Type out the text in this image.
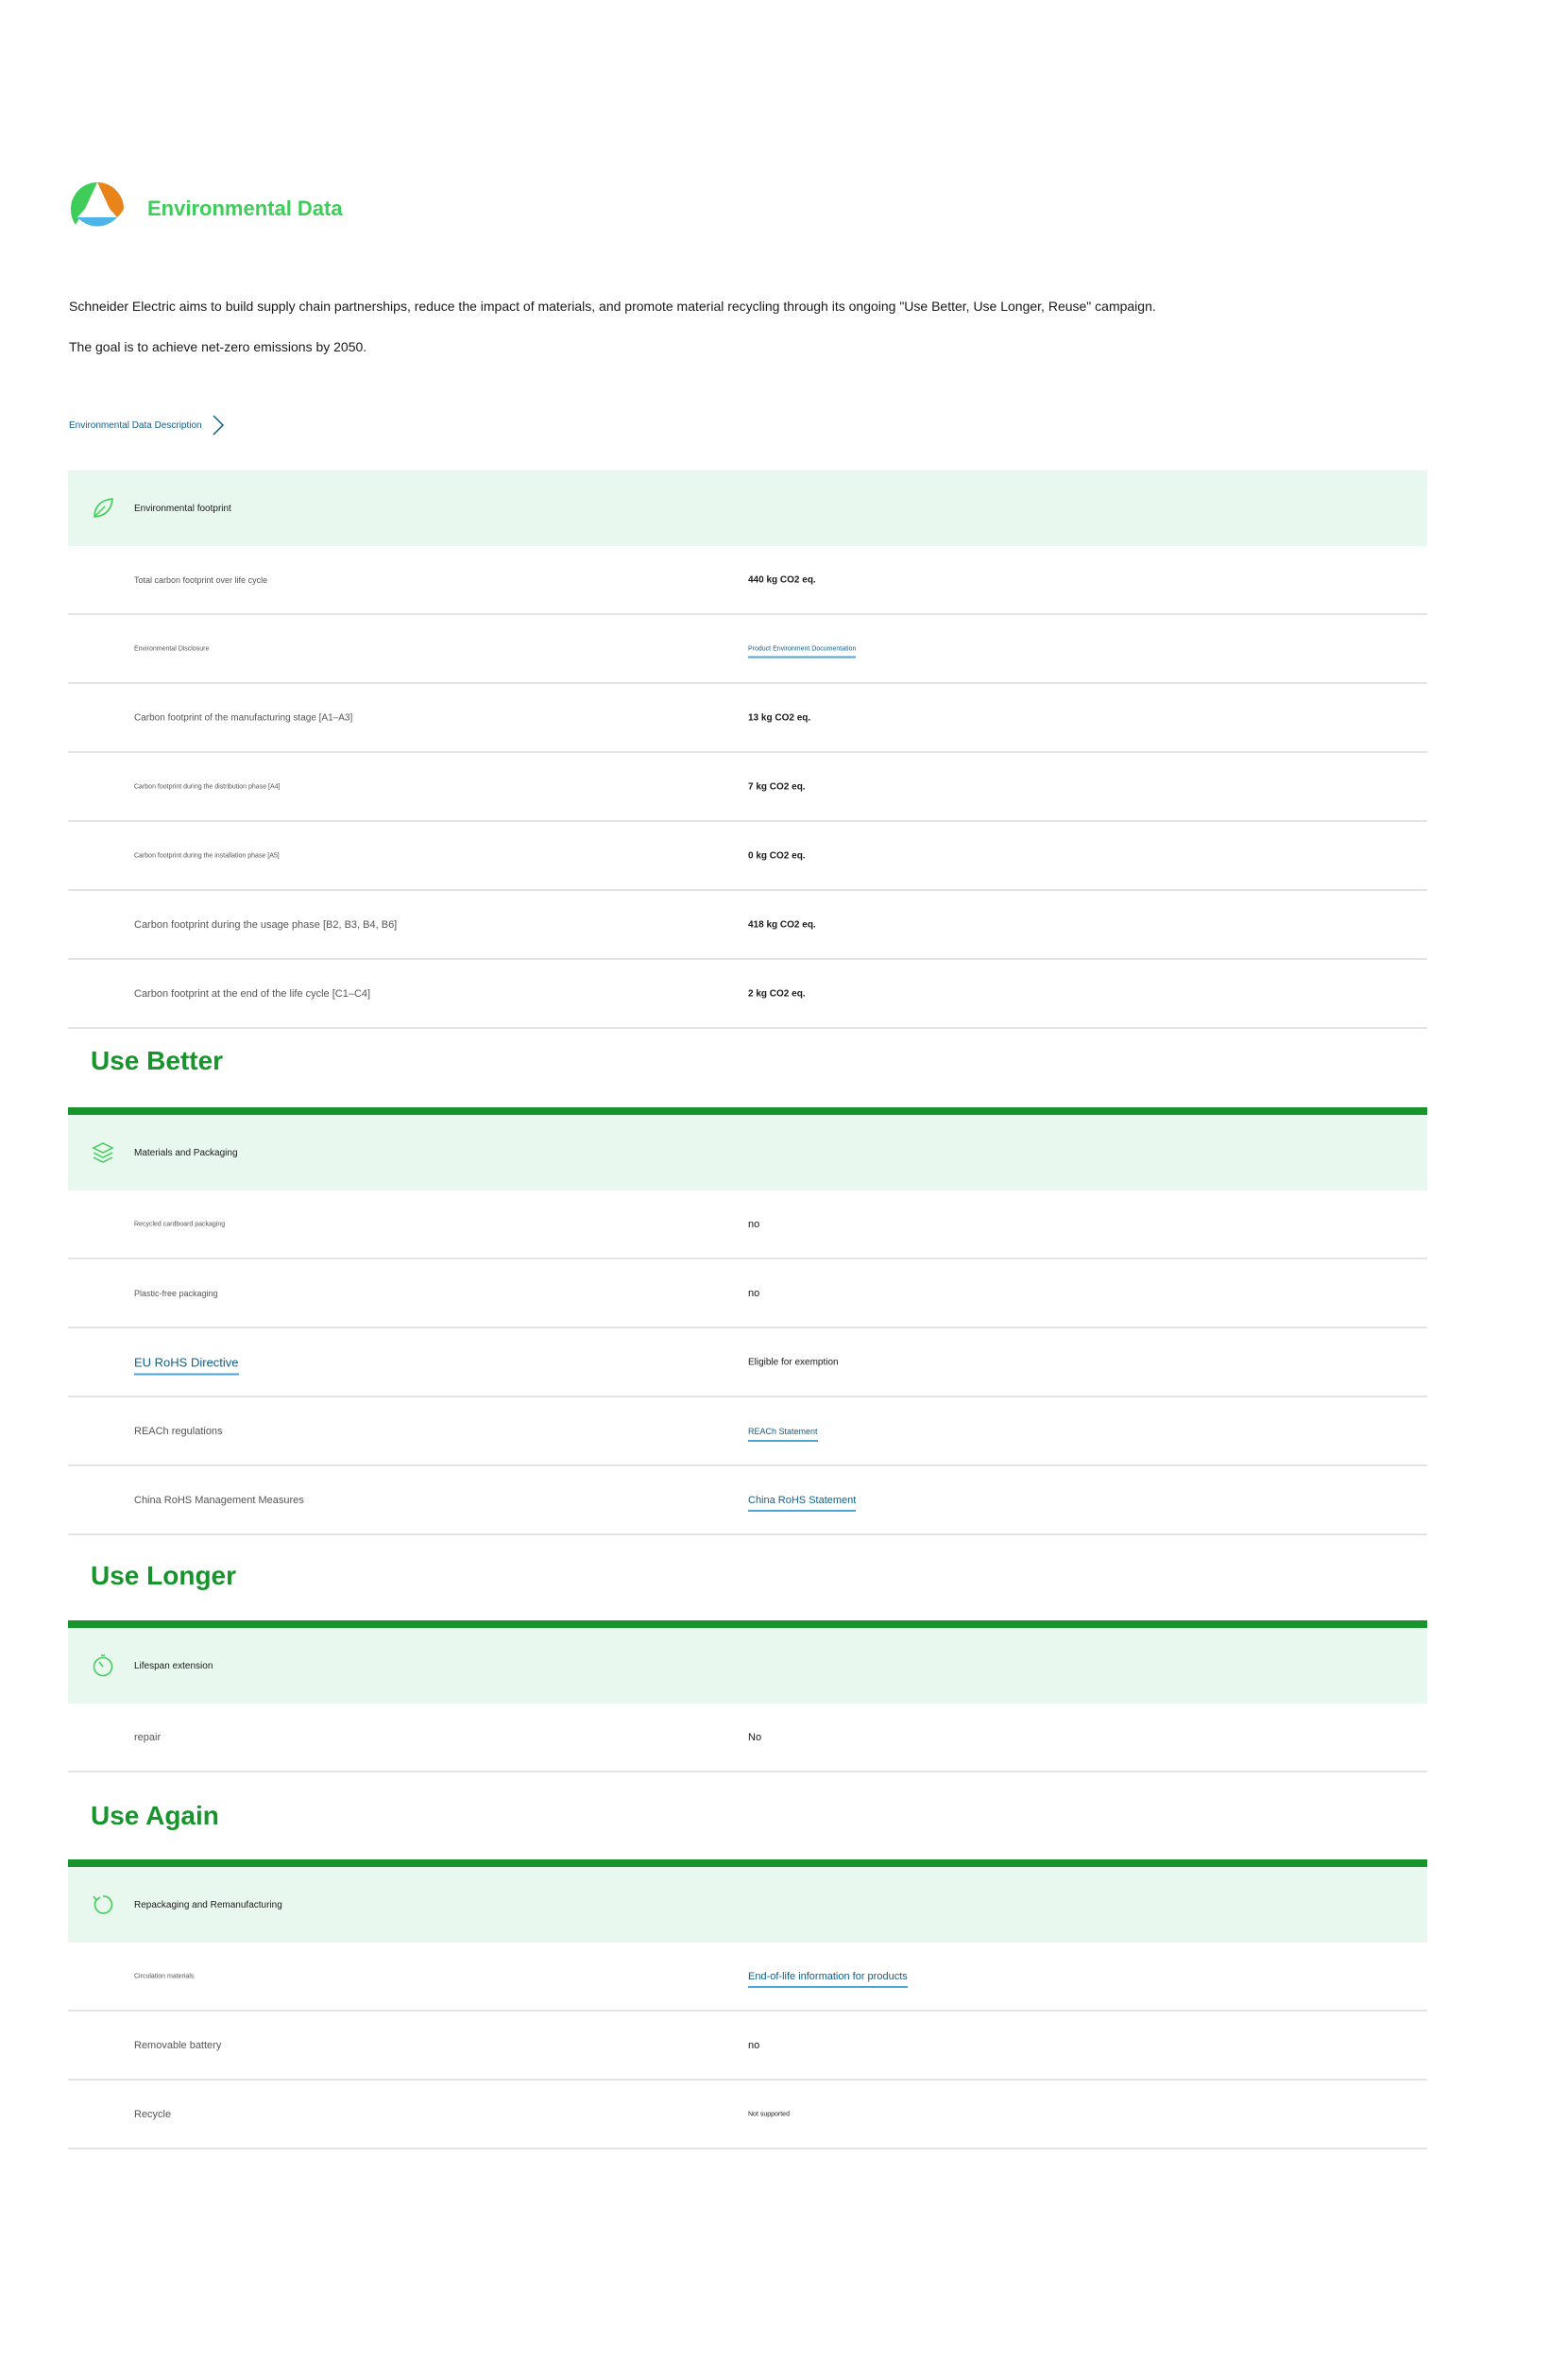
Environmental Data
Schneider Electric aims to build supply chain partnerships, reduce the impact of materials, and promote material recycling through its ongoing "Use Better, Use Longer, Reuse" campaign.
The goal is to achieve net-zero emissions by 2050.
Environmental Data Description
Environmental footprint
Total carbon footprint over life cycle	440 kg CO2 eq.
Environmental Disclosure	Product Environment Documentation
Carbon footprint of the manufacturing stage [A1–A3]	13 kg CO2 eq.
Carbon footprint during the distribution phase [A4]	7 kg CO2 eq.
Carbon footprint during the installation phase [A5]	0 kg CO2 eq.
Carbon footprint during the usage phase [B2, B3, B4, B6]	418 kg CO2 eq.
Carbon footprint at the end of the life cycle [C1–C4]	2 kg CO2 eq.
Use Better
Materials and Packaging
Recycled cardboard packaging	no
Plastic-free packaging	no
EU RoHS Directive	Eligible for exemption
REACh regulations	REACh Statement
China RoHS Management Measures	China RoHS Statement
Use Longer
Lifespan extension
repair	No
Use Again
Repackaging and Remanufacturing
Circulation materials	End-of-life information for products
Removable battery	no
Recycle	Not supported
